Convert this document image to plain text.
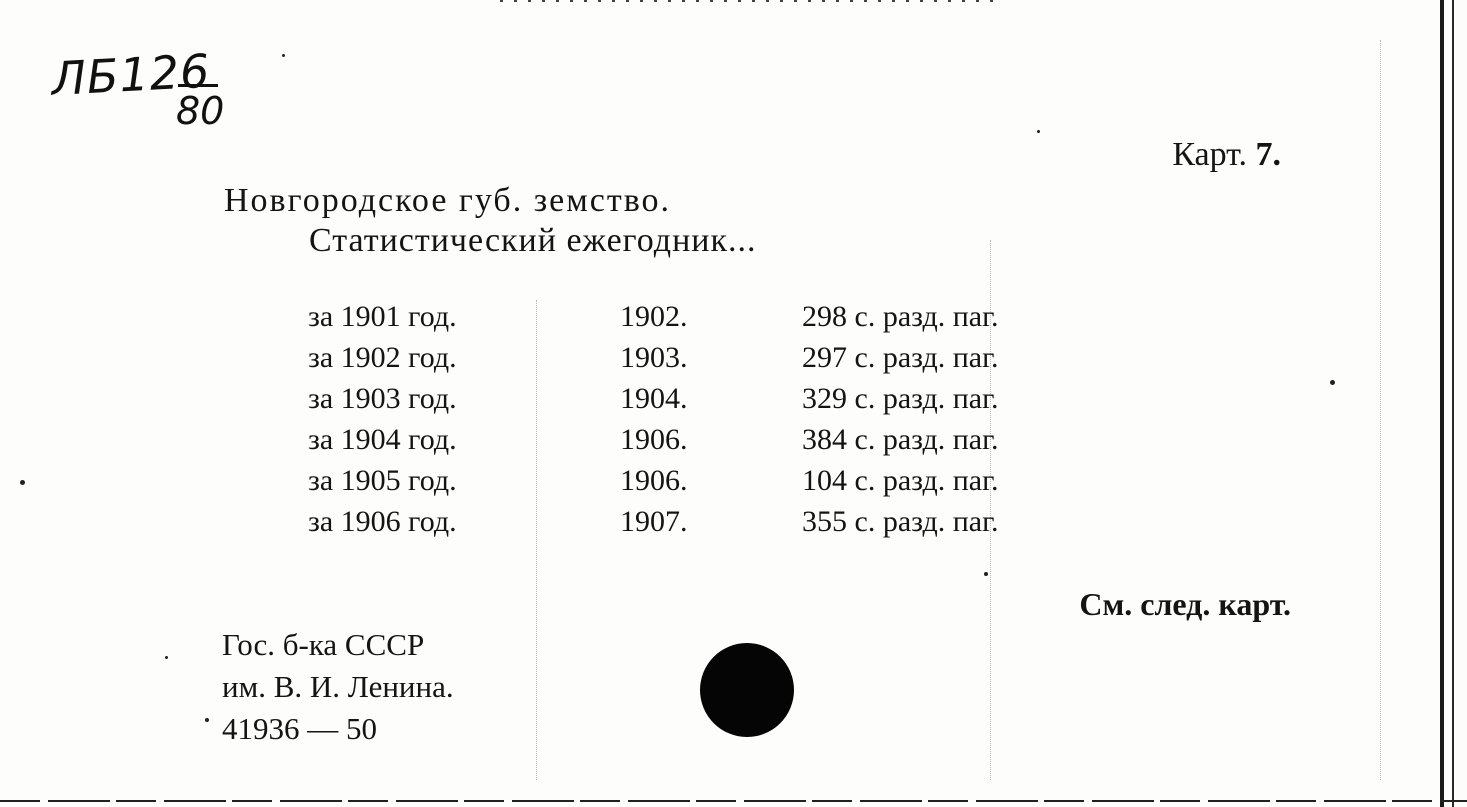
ЛБ126
80
Карт. 7.
Новгородское губ. земство.
Статистический ежегодник...
за 1901 год.	1902.	298 с. разд. паг.
за 1902 год.	1903.	297 с. разд. паг.
за 1903 год.	1904.	329 с. разд. паг.
за 1904 год.	1906.	384 с. разд. паг.
за 1905 год.	1906.	104 с. разд. паг.
за 1906 год.	1907.	355 с. разд. паг.
См. след. карт.
Гос. б-ка СССР
им. В. И. Ленина.
41936 — 50
